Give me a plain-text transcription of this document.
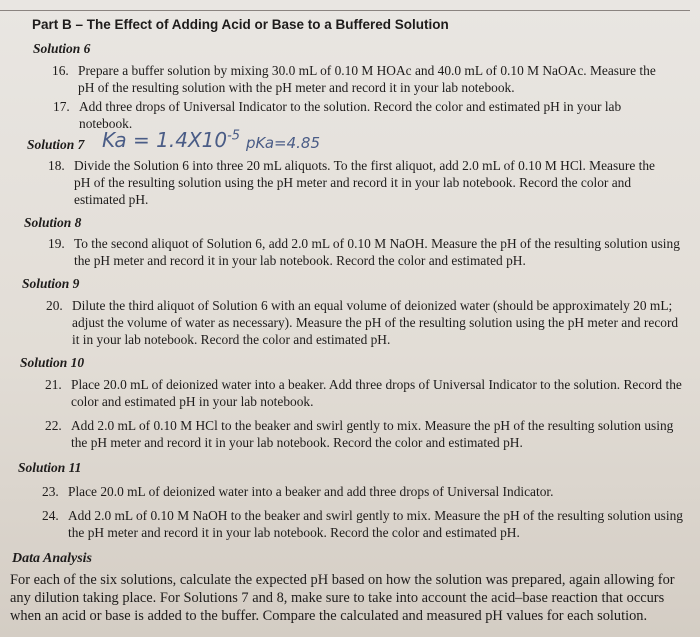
Part B – The Effect of Adding Acid or Base to a Buffered Solution
Solution 6
16. Prepare a buffer solution by mixing 30.0 mL of 0.10 M HOAc and 40.0 mL of 0.10 M NaOAc. Measure the pH of the resulting solution with the pH meter and record it in your lab notebook.
17. Add three drops of Universal Indicator to the solution. Record the color and estimated pH in your lab notebook.
Solution 7 $Ka = 1.4X10^{-5}$ pKa=4.85
18. Divide the Solution 6 into three 20 mL aliquots. To the first aliquot, add 2.0 mL of 0.10 M HCl. Measure the pH of the resulting solution using the pH meter and record it in your lab notebook. Record the color and estimated pH.
Solution 8
19. To the second aliquot of Solution 6, add 2.0 mL of 0.10 M NaOH. Measure the pH of the resulting solution using the pH meter and record it in your lab notebook. Record the color and estimated pH.
Solution 9
20. Dilute the third aliquot of Solution 6 with an equal volume of deionized water (should be approximately 20 mL; adjust the volume of water as necessary). Measure the pH of the resulting solution using the pH meter and record it in your lab notebook. Record the color and estimated pH.
Solution 10
21. Place 20.0 mL of deionized water into a beaker. Add three drops of Universal Indicator to the solution. Record the color and estimated pH in your lab notebook.
22. Add 2.0 mL of 0.10 M HCl to the beaker and swirl gently to mix. Measure the pH of the resulting solution using the pH meter and record it in your lab notebook. Record the color and estimated pH.
Solution 11
23. Place 20.0 mL of deionized water into a beaker and add three drops of Universal Indicator.
24. Add 2.0 mL of 0.10 M NaOH to the beaker and swirl gently to mix. Measure the pH of the resulting solution using the pH meter and record it in your lab notebook. Record the color and estimated pH.
Data Analysis
For each of the six solutions, calculate the expected pH based on how the solution was prepared, again allowing for any dilution taking place. For Solutions 7 and 8, make sure to take into account the acid–base reaction that occurs when an acid or base is added to the buffer. Compare the calculated and measured pH values for each solution.
